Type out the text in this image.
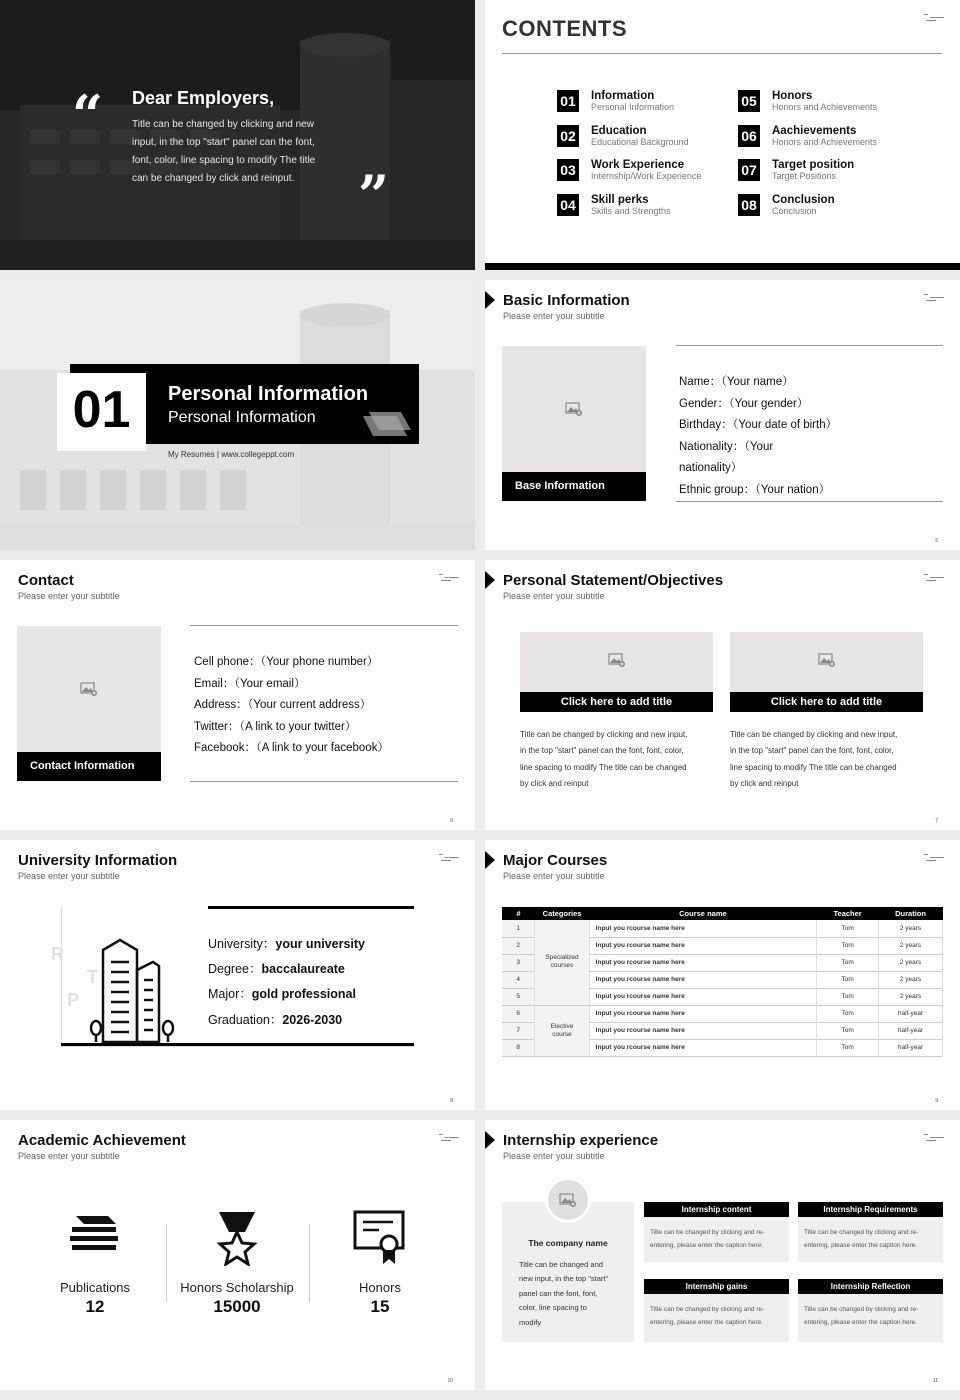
“ Dear Employers,
Title can be changed by clicking and new
input, in the top "start" panel can the font,
font, color, line spacing to modify The title
can be changed by click and reinput.	”
CONTENTS
01 Information
Personal Information
02 Education
Educational Background
03 Work Experience
Internship/Work Experience
04 Skill perks
Skills and Strengths
05 Honors
Honors and Achievements
06 Aachievements
Honors and Achievements
07 Target position
Target Positions
08 Conclusion
Conclusion
01	Personal Information
Personal Information
My Resumes | www.collegeppt.com
Basic Information
Please enter your subtitle
Base Information
Name：（Your name）
Gender：（Your gender）
Birthday：（Your date of birth）
Nationality：（Your
nationality）
Ethnic group：（Your nation）
5
Contact
Please enter your subtitle
Contact Information
Cell phone：（Your phone number）
Email：（Your email）
Address：（Your current address）
Twitter：（A link to your twitter）
Facebook：（A link to your facebook）
6
Personal Statement/Objectives
Please enter your subtitle
Click here to add title
Title can be changed by clicking and new input,
in the top "start" panel can the font, font, color,
line spacing to modify The title can be changed
by click and reinput
Click here to add title
Title can be changed by clicking and new input,
in the top "start" panel can the font, font, color,
line spacing to modify The title can be changed
by click and reinput
7
University Information
Please enter your subtitle
R
T
P
University：your university
Degree：baccalaureate
Major：gold professional
Graduation：2026-2030
8
Major Courses
Please enter your subtitle
#	Categories	Course name	Teacher	Duration
1	Specialized courses	Input you rcourse name here	Tom	2 years
2		Input you rcourse name here	Tom	2 years
3		Input you rcourse name here	Tom	2 years
4		Input you rcourse name here	Tom	2 years
5		Input you rcourse name here	Tom	2 years
6	Elective course	Input you rcourse name here	Tom	half-year
7		Input you rcourse name here	Tom	half-year
8		Input you rcourse name here	Tom	half-year
9
Academic Achievement
Please enter your subtitle
Publications
12
Honors Scholarship
15000
Honors
15
10
Internship experience
Please enter your subtitle
The company name
Title can be changed and
new input, in the top "start"
panel can the font, font,
color, line spacing to
modify
Internship content
Title can be changed by clicking and re-
entering, please enter the caption here.
Internship Requirements
Title can be changed by clicking and re-
entering, please enter the caption here.
Internship gains
Title can be changed by clicking and re-
entering, please enter the caption here.
Internship Reflection
Title can be changed by clicking and re-
entering, please enter the caption here.
11
